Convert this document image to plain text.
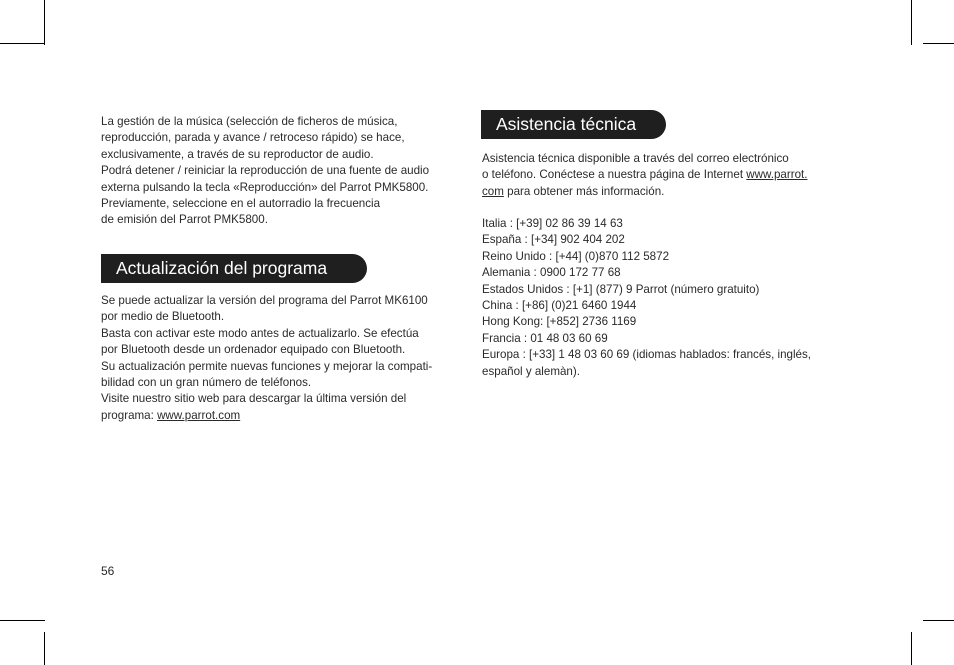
La gestión de la música (selección de ficheros de música,
reproducción, parada y avance / retroceso rápido) se hace,
exclusivamente, a través de su reproductor de audio.
Podrá detener / reiniciar la reproducción de una fuente de audio
externa pulsando la tecla «Reproducción» del Parrot PMK5800.
Previamente, seleccione en el autorradio la frecuencia
de emisión del Parrot PMK5800.
Actualización del programa
Se puede actualizar la versión del programa del Parrot MK6100
por medio de Bluetooth.
Basta con activar este modo antes de actualizarlo. Se efectúa
por Bluetooth desde un ordenador equipado con Bluetooth.
Su actualización permite nuevas funciones y mejorar la compati-
bilidad con un gran número de teléfonos.
Visite nuestro sitio web para descargar la última versión del
programa: www.parrot.com
Asistencia técnica
Asistencia técnica disponible a través del correo electrónico
o teléfono. Conéctese a nuestra página de Internet www.parrot.
com para obtener más información.
Italia : [+39] 02 86 39 14 63
España : [+34] 902 404 202
Reino Unido : [+44] (0)870 112 5872
Alemania : 0900 172 77 68
Estados Unidos : [+1] (877) 9 Parrot (número gratuito)
China : [+86] (0)21 6460 1944
Hong Kong: [+852] 2736 1169
Francia : 01 48 03 60 69
Europa : [+33] 1 48 03 60 69 (idiomas hablados: francés, inglés,
español y alemàn).
56
